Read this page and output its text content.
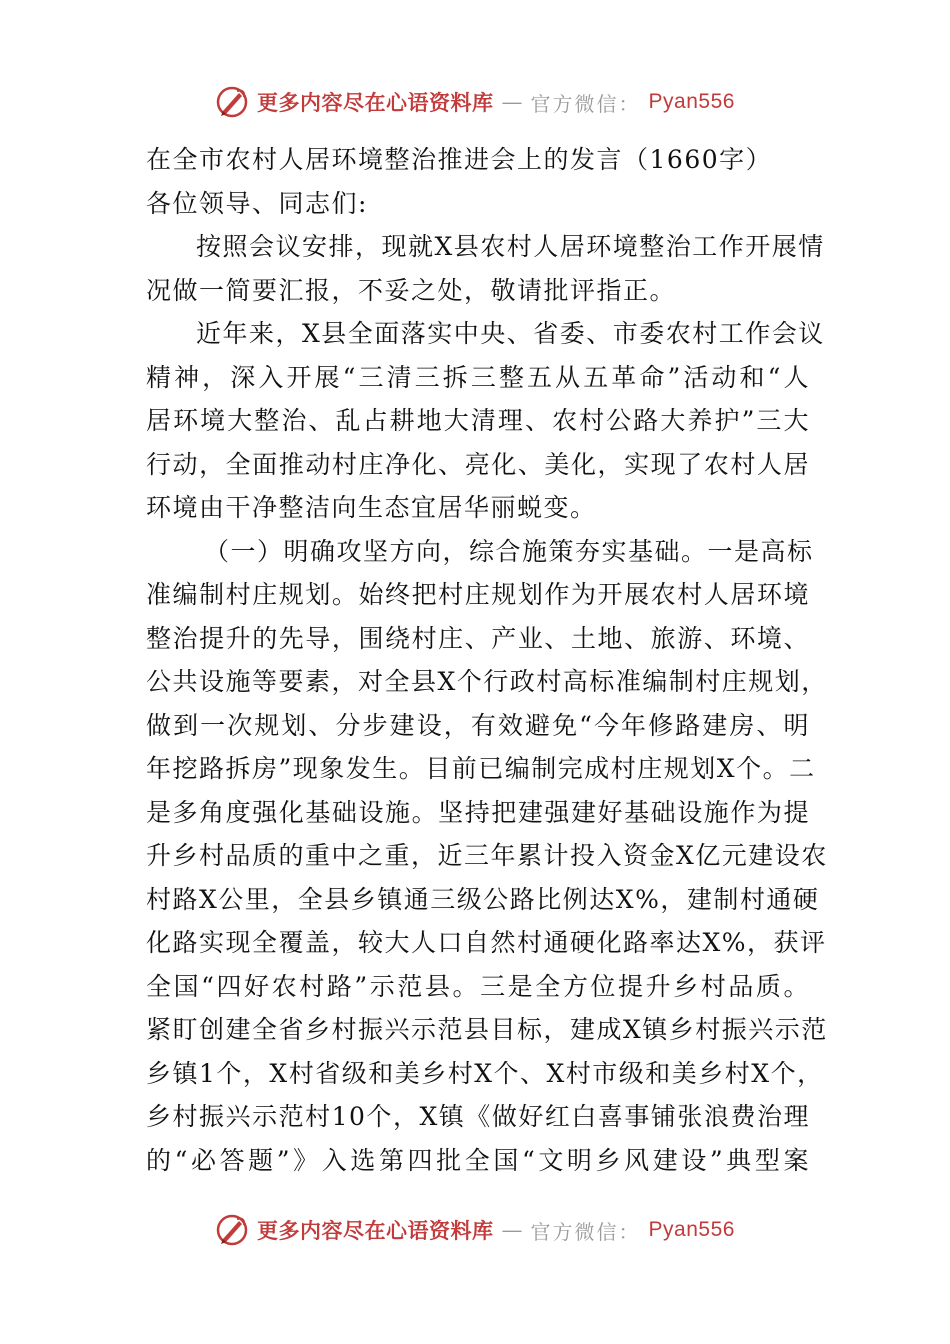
更多内容尽在心语资料库 — 官方微信： Pyan556
在全市农村人居环境整治推进会上的发言（1660字）
各位领导、同志们:
按照会议安排，现就X县农村人居环境整治工作开展情
况做一简要汇报，不妥之处，敬请批评指正。
近年来，X县全面落实中央、省委、市委农村工作会议
精神，深入开展“三清三拆三整五从五革命”活动和“人
居环境大整治、乱占耕地大清理、农村公路大养护”三大
行动，全面推动村庄净化、亮化、美化，实现了农村人居
环境由干净整洁向生态宜居华丽蜕变。
（一）明确攻坚方向，综合施策夯实基础。一是高标
准编制村庄规划。始终把村庄规划作为开展农村人居环境
整治提升的先导，围绕村庄、产业、土地、旅游、环境、
公共设施等要素，对全县X个行政村高标准编制村庄规划，
做到一次规划、分步建设，有效避免“今年修路建房、明
年挖路拆房”现象发生。目前已编制完成村庄规划X个。二
是多角度强化基础设施。坚持把建强建好基础设施作为提
升乡村品质的重中之重，近三年累计投入资金X亿元建设农
村路X公里，全县乡镇通三级公路比例达X%，建制村通硬
化路实现全覆盖，较大人口自然村通硬化路率达X%，获评
全国“四好农村路”示范县。三是全方位提升乡村品质。
紧盯创建全省乡村振兴示范县目标，建成X镇乡村振兴示范
乡镇1个，X村省级和美乡村X个、X村市级和美乡村X个，
乡村振兴示范村10个，X镇《做好红白喜事铺张浪费治理
的“必答题”》入选第四批全国“文明乡风建设”典型案
更多内容尽在心语资料库 — 官方微信： Pyan556
